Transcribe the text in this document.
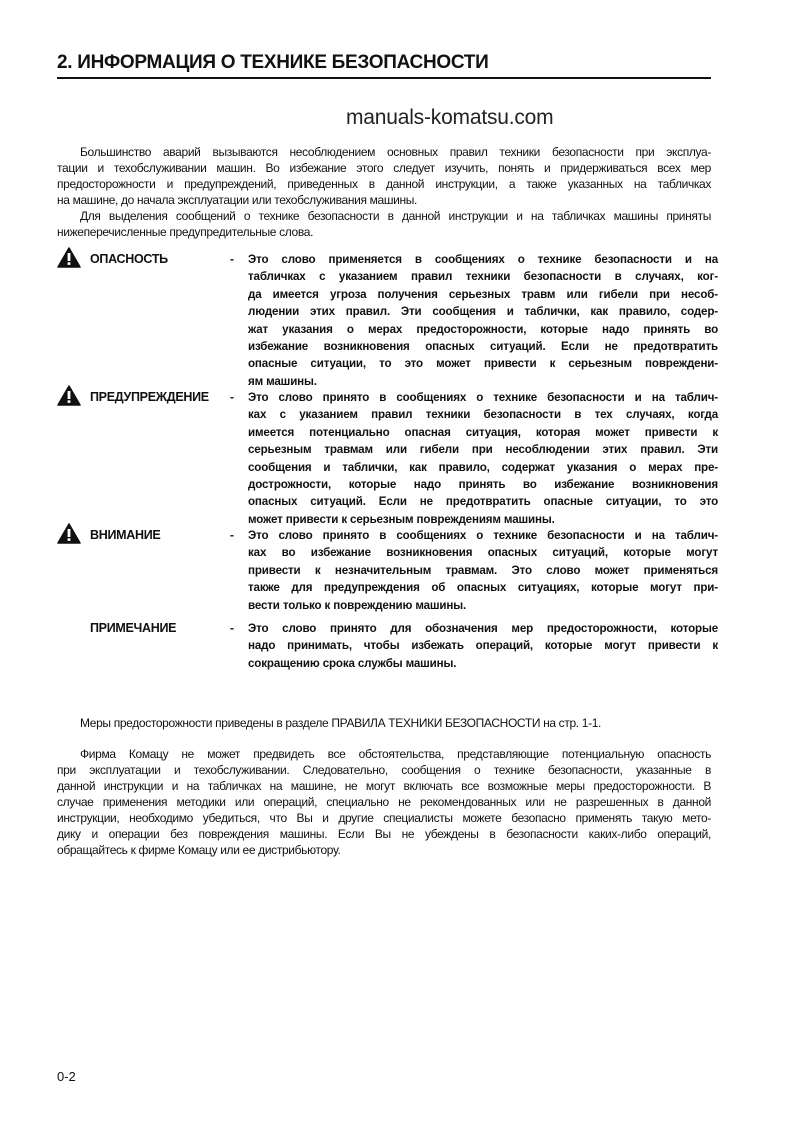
2. ИНФОРМАЦИЯ О ТЕХНИКЕ БЕЗОПАСНОСТИ
manuals-komatsu.com
Большинство аварий вызываются несоблюдением основных правил техники безопасности при эксплуа-
тации и техобслуживании машин. Во избежание этого следует изучить, понять и придерживаться всех мер
предосторожности и предупреждений, приведенных в данной инструкции, а также указанных на табличках
на машине, до начала эксплуатации или техобслуживания машины.
Для выделения сообщений о технике безопасности в данной инструкции и на табличках машины приняты
нижеперечисленные предупредительные слова.
ОПАСНОСТЬ	- Это слово применяется в сообщениях о технике безопасности и на
табличках с указанием правил техники безопасности в случаях, ког-
да имеется угроза получения серьезных травм или гибели при несоб-
людении этих правил. Эти сообщения и таблички, как правило, содер-
жат указания о мерах предосторожности, которые надо принять во
избежание возникновения опасных ситуаций. Если не предотвратить
опасные ситуации, то это может привести к серьезным повреждени-
ям машины.
ПРЕДУПРЕЖДЕНИЕ - Это слово принято в сообщениях о технике безопасности и на таблич-
ках с указанием правил техники безопасности в тех случаях, когда
имеется потенциально опасная ситуация, которая может привести к
серьезным травмам или гибели при несоблюдении этих правил. Эти
сообщения и таблички, как правило, содержат указания о мерах пре-
дострожности, которые надо принять во избежание возникновения
опасных ситуаций. Если не предотвратить опасные ситуации, то это
может привести к серьезным повреждениям машины.
ВНИМАНИЕ	- Это слово принято в сообщениях о технике безопасности и на таблич-
ках во избежание возникновения опасных ситуаций, которые могут
привести к незначительным травмам. Это слово может применяться
также для предупреждения об опасных ситуациях, которые могут при-
вести только к повреждению машины.
ПРИМЕЧАНИЕ	- Это слово принято для обозначения мер предосторожности, которые
надо принимать, чтобы избежать операций, которые могут привести к
сокращению срока службы машины.
Меры предосторожности приведены в разделе ПРАВИЛА ТЕХНИКИ БЕЗОПАСНОСТИ на стр. 1-1.
Фирма Комацу не может предвидеть все обстоятельства, представляющие потенциальную опасность
при эксплуатации и техобслуживании. Следовательно, сообщения о технике безопасности, указанные в
данной инструкции и на табличках на машине, не могут включать все возможные меры предосторожности. В
случае применения методики или операций, специально не рекомендованных или не разрешенных в данной
инструкции, необходимо убедиться, что Вы и другие специалисты можете безопасно применять такую мето-
дику и операции без повреждения машины. Если Вы не убеждены в безопасности каких-либо операций,
обращайтесь к фирме Комацу или ее дистрибьютору.
0-2
